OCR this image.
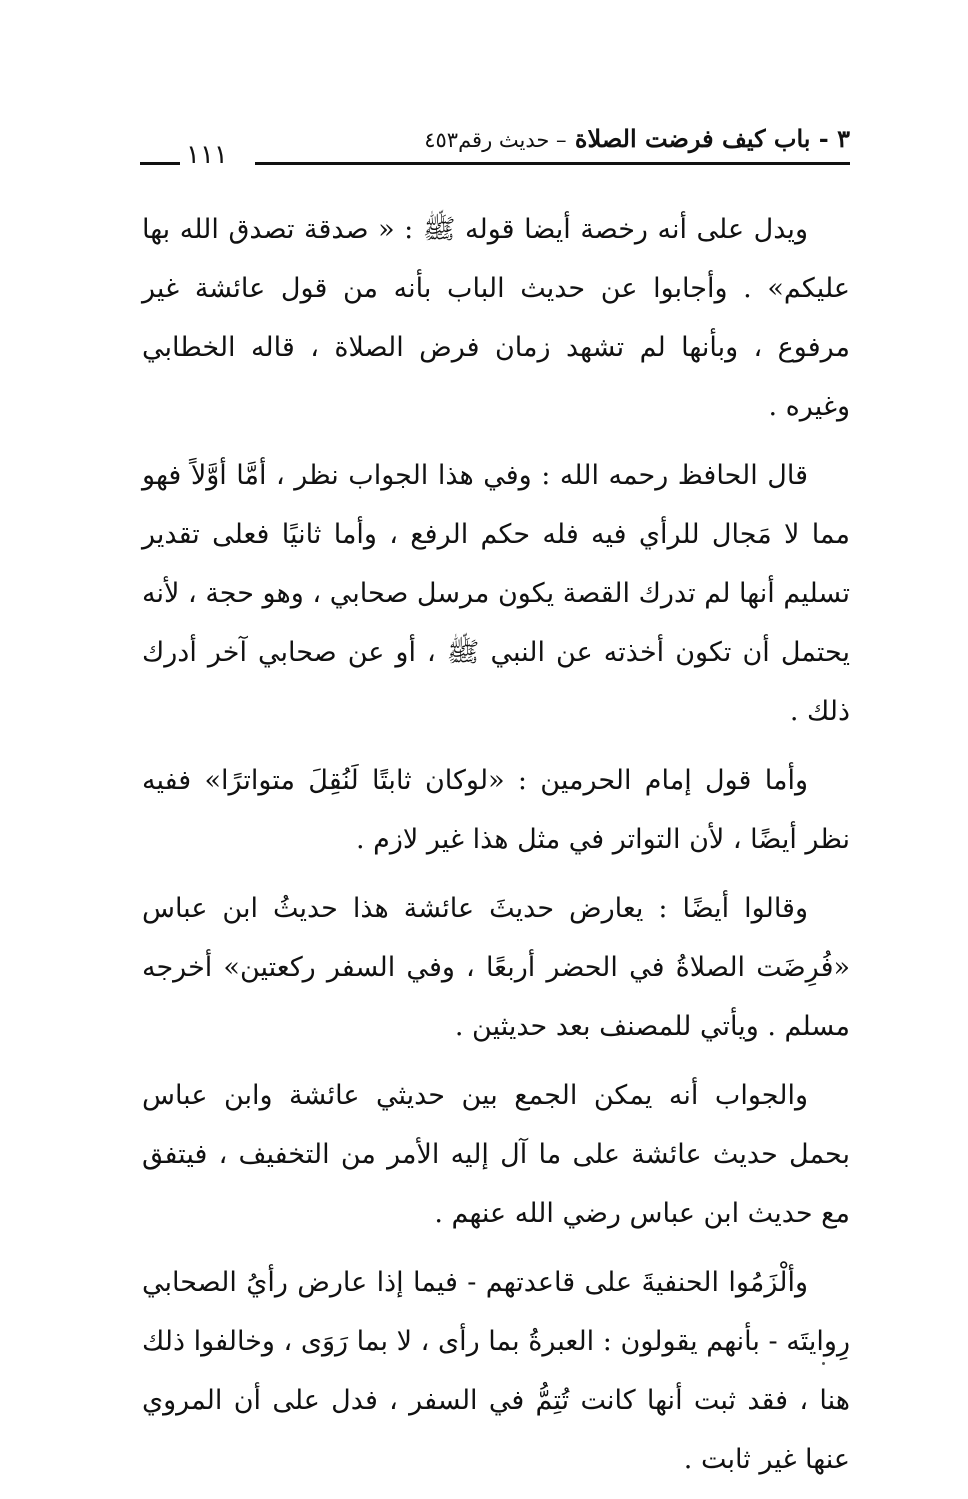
٣ - باب كيف فرضت الصلاة – حديث رقم٤٥٣
١١١

ويدل على أنه رخصة أيضا قوله ﷺ : « صدقة تصدق الله بها عليكم» . وأجابوا عن حديث الباب بأنه من قول عائشة غير مرفوع ، وبأنها لم تشهد زمان فرض الصلاة ، قاله الخطابي وغيره .

قال الحافظ رحمه الله : وفي هذا الجواب نظر ، أمَّا أوَّلاً فهو مما لا مَجال للرأي فيه فله حكم الرفع ، وأما ثانيًا فعلى تقدير تسليم أنها لم تدرك القصة يكون مرسل صحابي ، وهو حجة ، لأنه يحتمل أن تكون أخذته عن النبي ﷺ ، أو عن صحابي آخر أدرك ذلك .

وأما قول إمام الحرمين : «لوكان ثابتًا لَنُقِلَ متواترًا» ففيه نظر أيضًا ، لأن التواتر في مثل هذا غير لازم .

وقالوا أيضًا : يعارض حديثَ عائشة هذا حديثُ ابن عباس «فُرِضَت الصلاةُ في الحضر أربعًا ، وفي السفر ركعتين» أخرجه مسلم . ويأتي للمصنف بعد حديثين .

والجواب أنه يمكن الجمع بين حديثي عائشة وابن عباس بحمل حديث عائشة على ما آل إليه الأمر من التخفيف ، فيتفق مع حديث ابن عباس رضي الله عنهم .

وألْزَمُوا الحنفيةَ على قاعدتهم - فيما إذا عارض رأيُ الصحابي رِوايتَه - بأنهم يقولون : العبرةُ بما رأى ، لا بما رَوَى ، وخالفوا ذلك هنا ، فقد ثبت أنها كانت تُتِمُّ في السفر ، فدل على أن المروي عنها غير ثابت .
